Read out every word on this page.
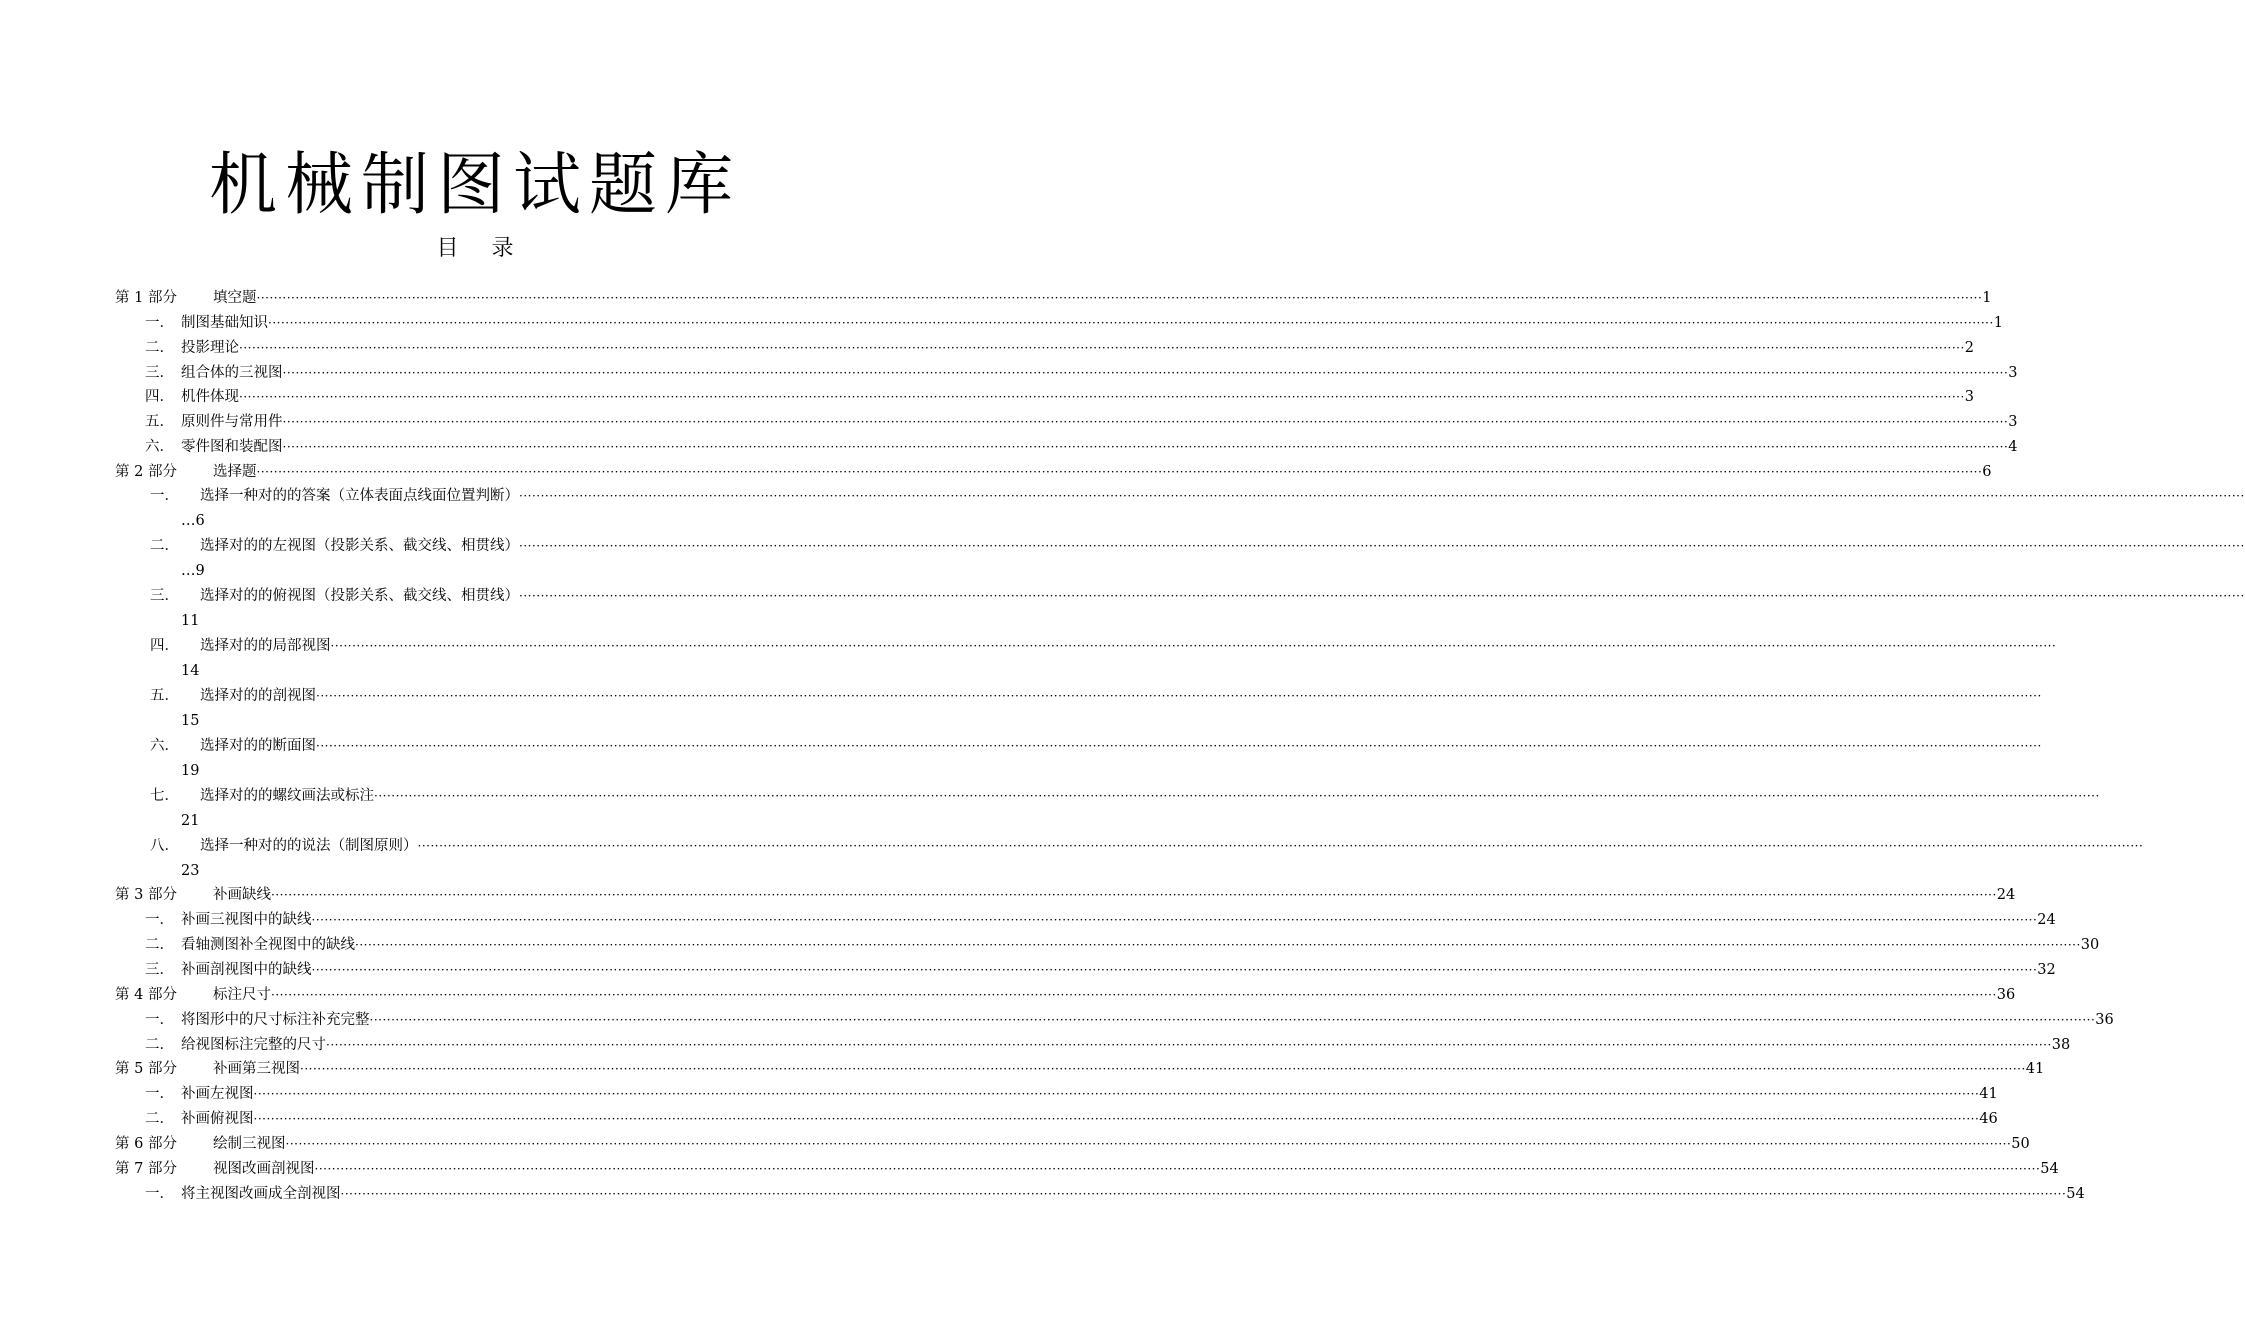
机械制图试题库
目 录
第 1 部分	填空题 ················································································································································································································································································································································································································ 1
一． 制图基础知识 ················································································································································································································································································································································································································ 1
二． 投影理论 ················································································································································································································································································································································································································ 2
三． 组合体的三视图 ················································································································································································································································································································································································································ 3
四． 机件体现 ················································································································································································································································································································································································································ 3
五． 原则件与常用件 ················································································································································································································································································································································································································ 3
六． 零件图和装配图 ················································································································································································································································································································································································································ 4
第 2 部分	选择题 ················································································································································································································································································································································································································ 6
一．	选择一种对的的答案（立体表面点线面位置判断） ················································································································································································································································································································································································································
…6
二．	选择对的的左视图（投影关系、截交线、相贯线） ················································································································································································································································································································································································································
…9
三．	选择对的的俯视图（投影关系、截交线、相贯线） ················································································································································································································································································································································································································
11
四．	选择对的的局部视图 ················································································································································································································································································································································································································
14
五．	选择对的的剖视图 ················································································································································································································································································································································································································
15
六．	选择对的的断面图 ················································································································································································································································································································································································································
19
七．	选择对的的螺纹画法或标注 ················································································································································································································································································································································································································
21
八．	选择一种对的的说法（制图原则） ················································································································································································································································································································································································································
23
第 3 部分	补画缺线 ················································································································································································································································································································································································································ 24
一． 补画三视图中的缺线 ················································································································································································································································································································································································································ 24
二． 看轴测图补全视图中的缺线 ················································································································································································································································································································································································································ 30
三． 补画剖视图中的缺线 ················································································································································································································································································································································································································ 32
第 4 部分	标注尺寸 ················································································································································································································································································································································································································ 36
一． 将图形中的尺寸标注补充完整 ················································································································································································································································································································································································································ 36
二． 给视图标注完整的尺寸 ················································································································································································································································································································································································································ 38
第 5 部分	补画第三视图 ················································································································································································································································································································································································································ 41
一． 补画左视图 ················································································································································································································································································································································································································ 41
二． 补画俯视图 ················································································································································································································································································································································································································ 46
第 6 部分	绘制三视图 ················································································································································································································································································································································································································ 50
第 7 部分	视图改画剖视图 ················································································································································································································································································································································································································ 54
一． 将主视图改画成全剖视图 ················································································································································································································································································································································································································ 54
